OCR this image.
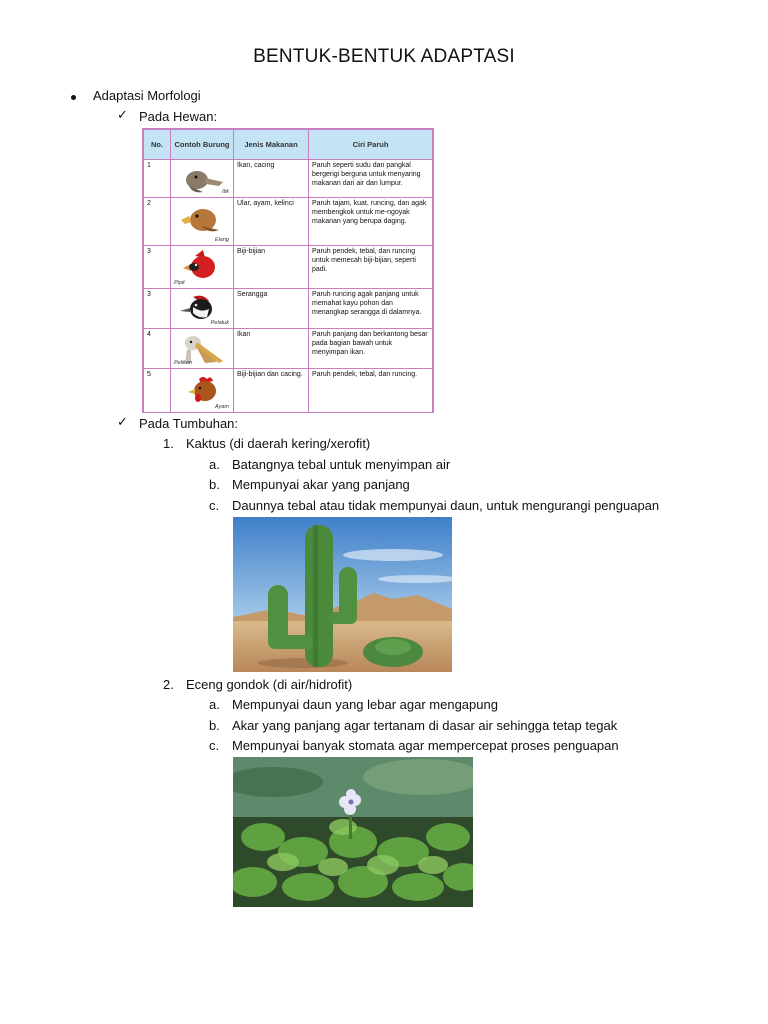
BENTUK-BENTUK ADAPTASI
Adaptasi Morfologi
✓ Pada Hewan:
No.	Contoh Burung	Jenis Makanan	Ciri Paruh
1	Itik	Ikan, cacing	Paruh seperti sudu dan pangkal bergerigi berguna untuk menyaring makanan dari air dan lumpur.
2	Elang	Ular, ayam, kelinci	Paruh tajam, kuat, runcing, dan agak membengkok untuk me-ngoyak makanan yang berupa daging.
3	Pipit	Biji-bijian	Paruh pendek, tebal, dan runcing untuk memecah biji-bijian, seperti padi.
3	Pelatuk	Serangga	Paruh runcing agak panjang untuk memahat kayu pohon dan menangkap serangga di dalamnya.
4	Pelikan	Ikan	Paruh panjang dan berkantong besar pada bagian bawah untuk menyimpan ikan.
5	Ayam	Biji-bijian dan cacing.	Paruh pendek, tebal, dan runcing.
✓ Pada Tumbuhan:
1. Kaktus (di daerah kering/xerofit)
a. Batangnya tebal untuk menyimpan air
b. Mempunyai akar yang panjang
c. Daunnya tebal atau tidak mempunyai daun, untuk mengurangi penguapan
2. Eceng gondok (di air/hidrofit)
a. Mempunyai daun yang lebar agar mengapung
b. Akar yang panjang agar tertanam di dasar air sehingga tetap tegak
c. Mempunyai banyak stomata agar mempercepat proses penguapan
